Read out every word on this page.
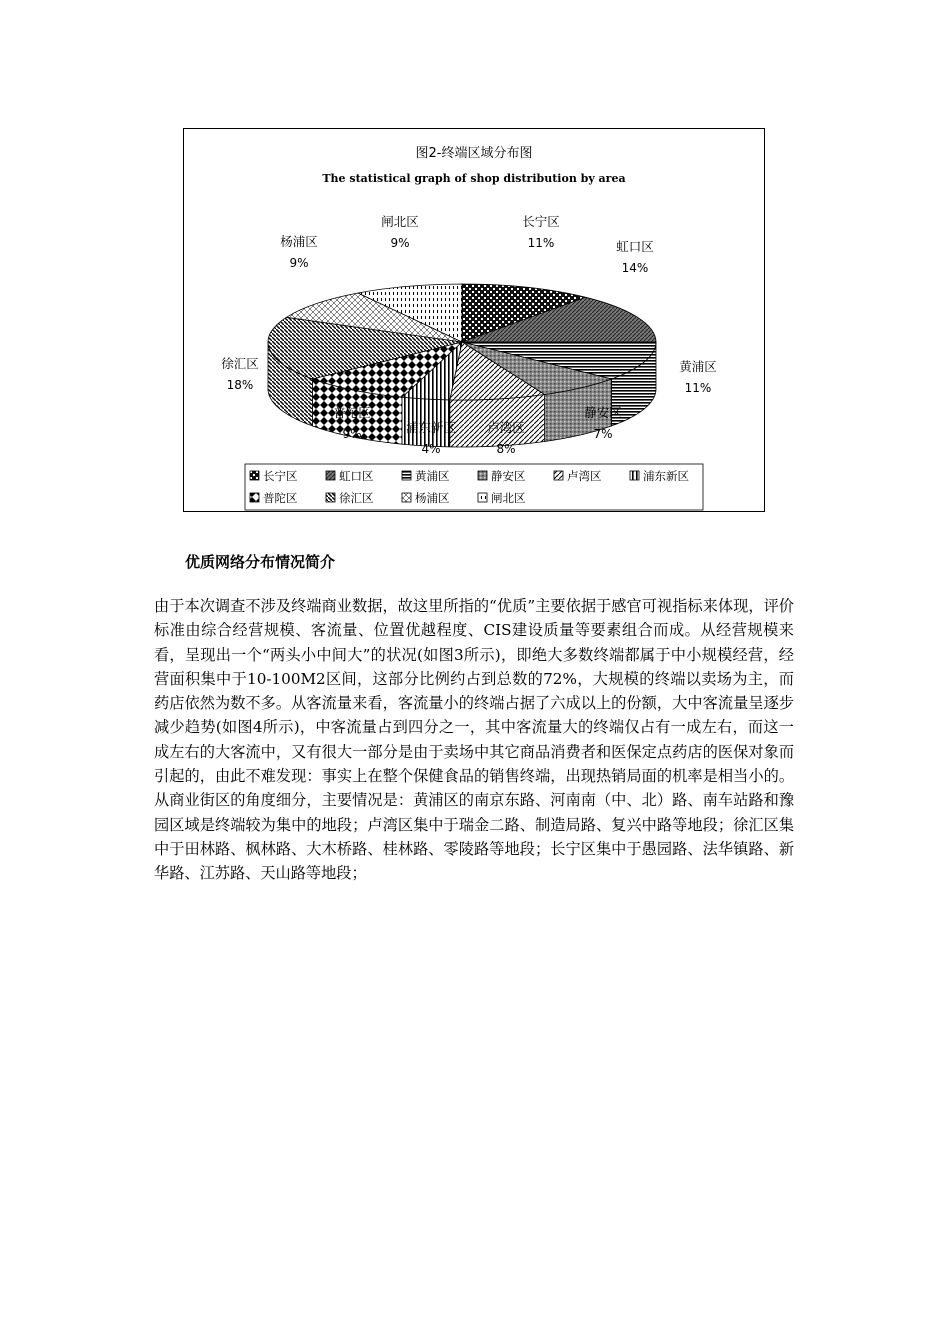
长宁区
11%	虹口区
14%
黄浦区
11%
静安区
7%
卢湾区
8%
浦东新区
4%
普陀区
9%
徐汇区
18%
杨浦区
9%
闸北区
9%
长宁区	虹口区	黄浦区	静安区	卢湾区	浦东新区
普陀区	徐汇区	杨浦区	闸北区
图2-终端区域分布图
The statistical graph of shop distribution by area
优质网络分布情况简介

由于本次调查不涉及终端商业数据，故这里所指的“优质”主要依据于感官可视指标来体现，评价标准由综合经营规模、客流量、位置优越程度、CIS建设质量等要素组合而成。从经营规模来看，呈现出一个“两头小中间大”的状况(如图3所示)，即绝大多数终端都属于中小规模经营，经营面积集中于10-100M2区间，这部分比例约占到总数的72%，大规模的终端以卖场为主，而药店依然为数不多。从客流量来看，客流量小的终端占据了六成以上的份额，大中客流量呈逐步减少趋势(如图4所示)，中客流量占到四分之一，其中客流量大的终端仅占有一成左右，而这一成左右的大客流中，又有很大一部分是由于卖场中其它商品消费者和医保定点药店的医保对象而引起的，由此不难发现：事实上在整个保健食品的销售终端，出现热销局面的机率是相当小的。从商业街区的角度细分，主要情况是：黄浦区的南京东路、河南南（中、北）路、南车站路和豫园区域是终端较为集中的地段；卢湾区集中于瑞金二路、制造局路、复兴中路等地段；徐汇区集中于田林路、枫林路、大木桥路、桂林路、零陵路等地段；长宁区集中于愚园路、法华镇路、新华路、江苏路、天山路等地段；
